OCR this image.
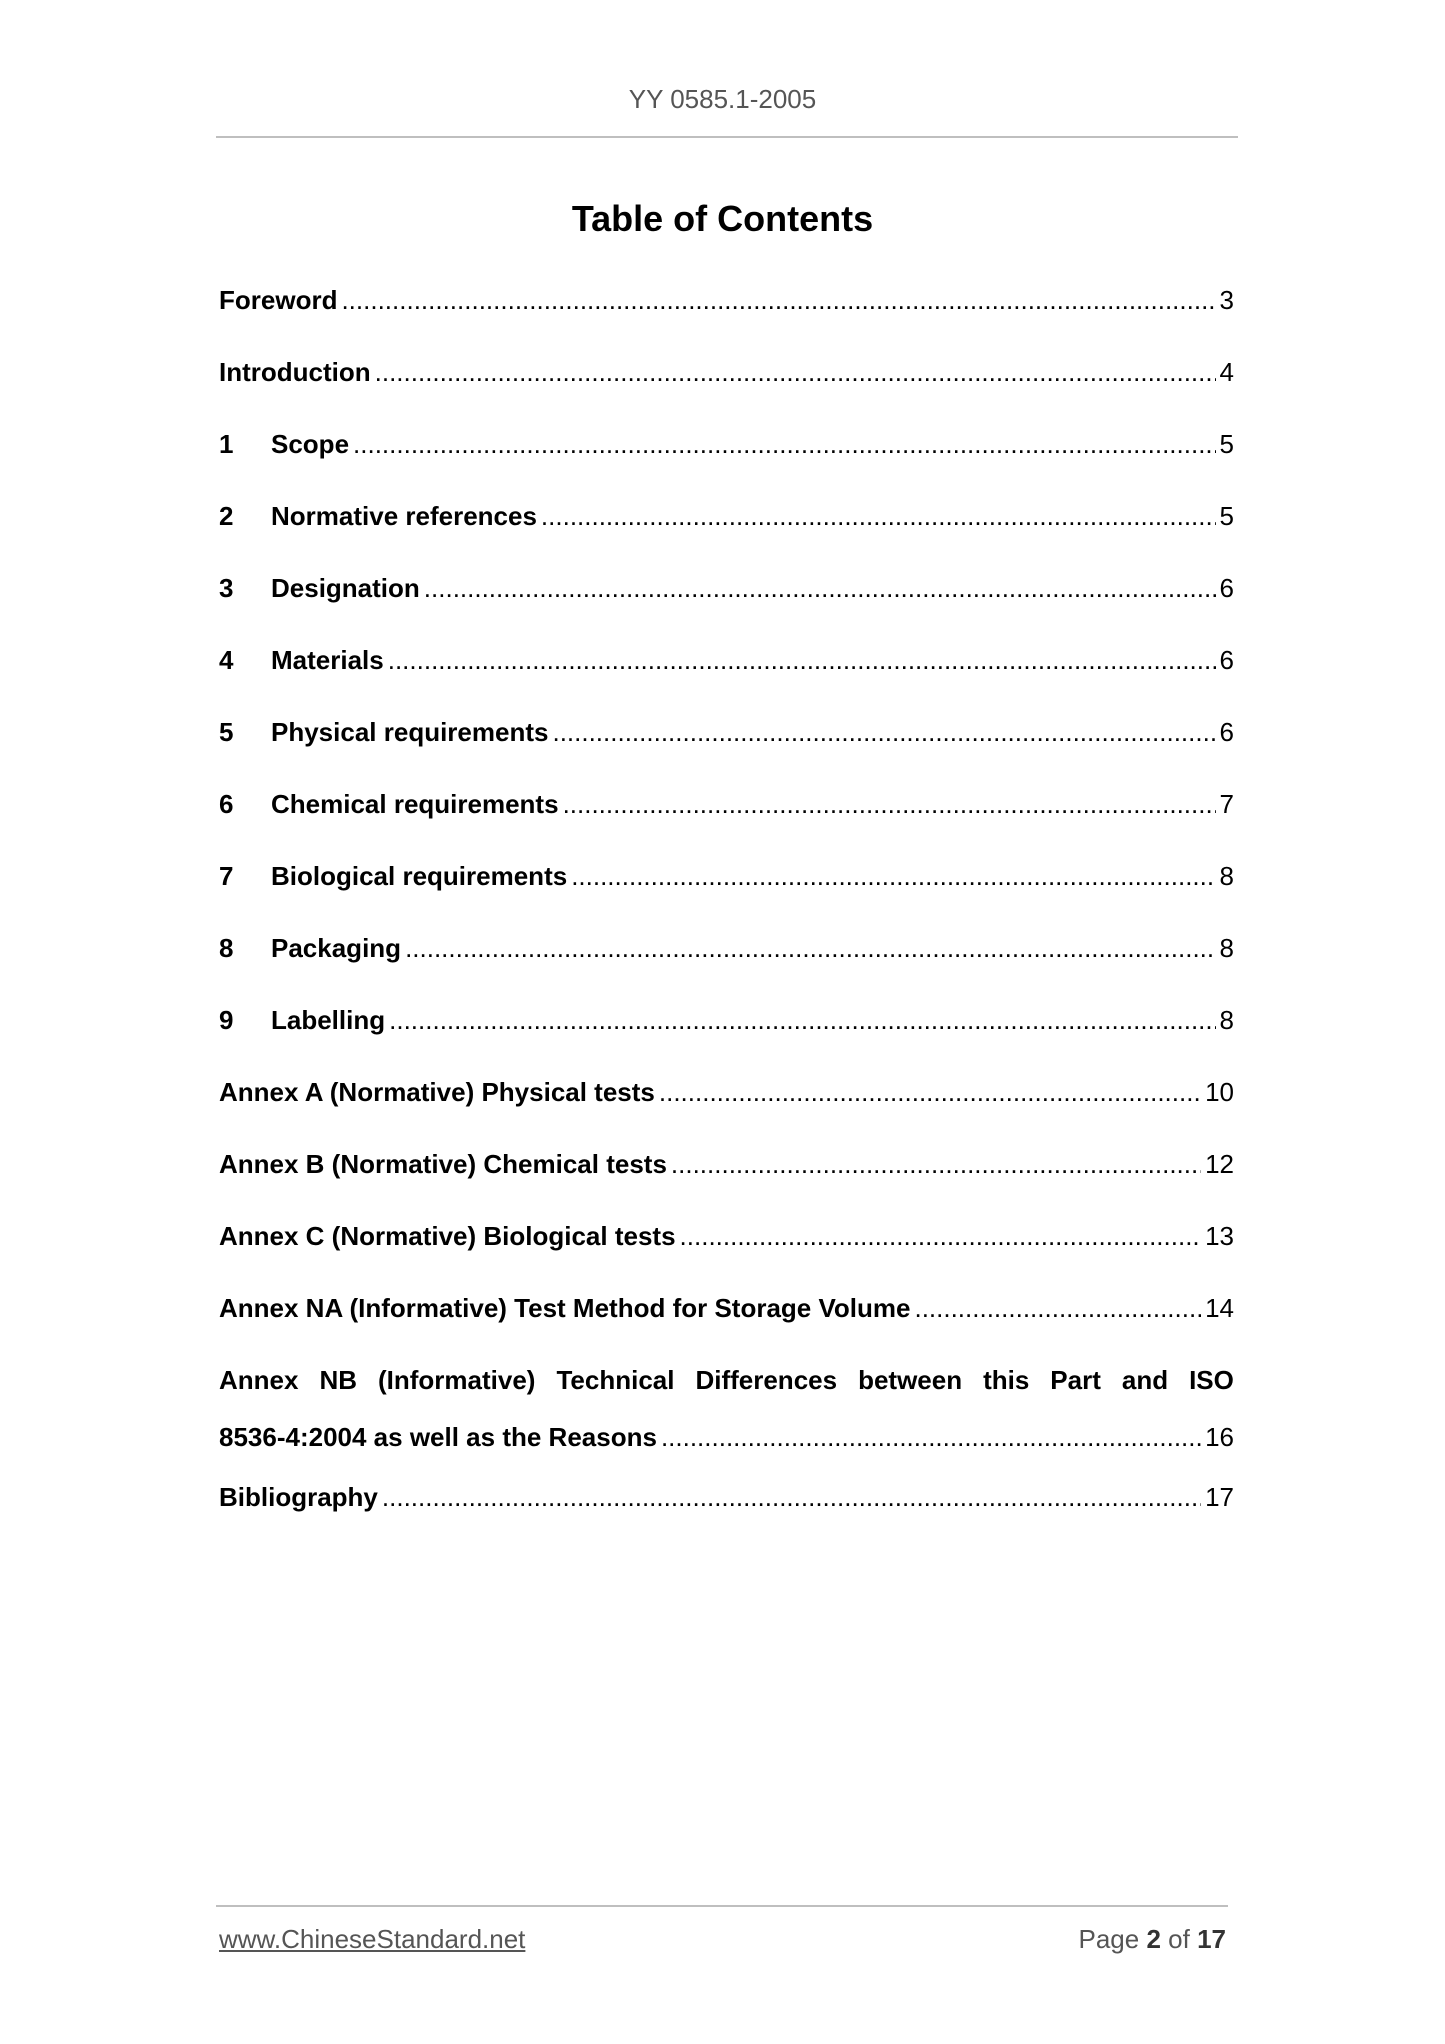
YY 0585.1-2005
Table of Contents
Foreword .....	3
Introduction .....	4
1	Scope .....	5
2	Normative references .....	5
3	Designation .....	6
4	Materials .....	6
5	Physical requirements .....	6
6	Chemical requirements .....	7
7	Biological requirements .....	8
8	Packaging .....	8
9	Labelling .....	8
Annex A (Normative) Physical tests .....	10
Annex B (Normative) Chemical tests .....	12
Annex C (Normative) Biological tests .....	13
Annex NA (Informative) Test Method for Storage Volume .....	14
Annex NB (Informative) Technical Differences between this Part and ISO
8536-4:2004 as well as the Reasons .....	16
Bibliography .....	17
www.ChineseStandard.net	Page 2 of 17
